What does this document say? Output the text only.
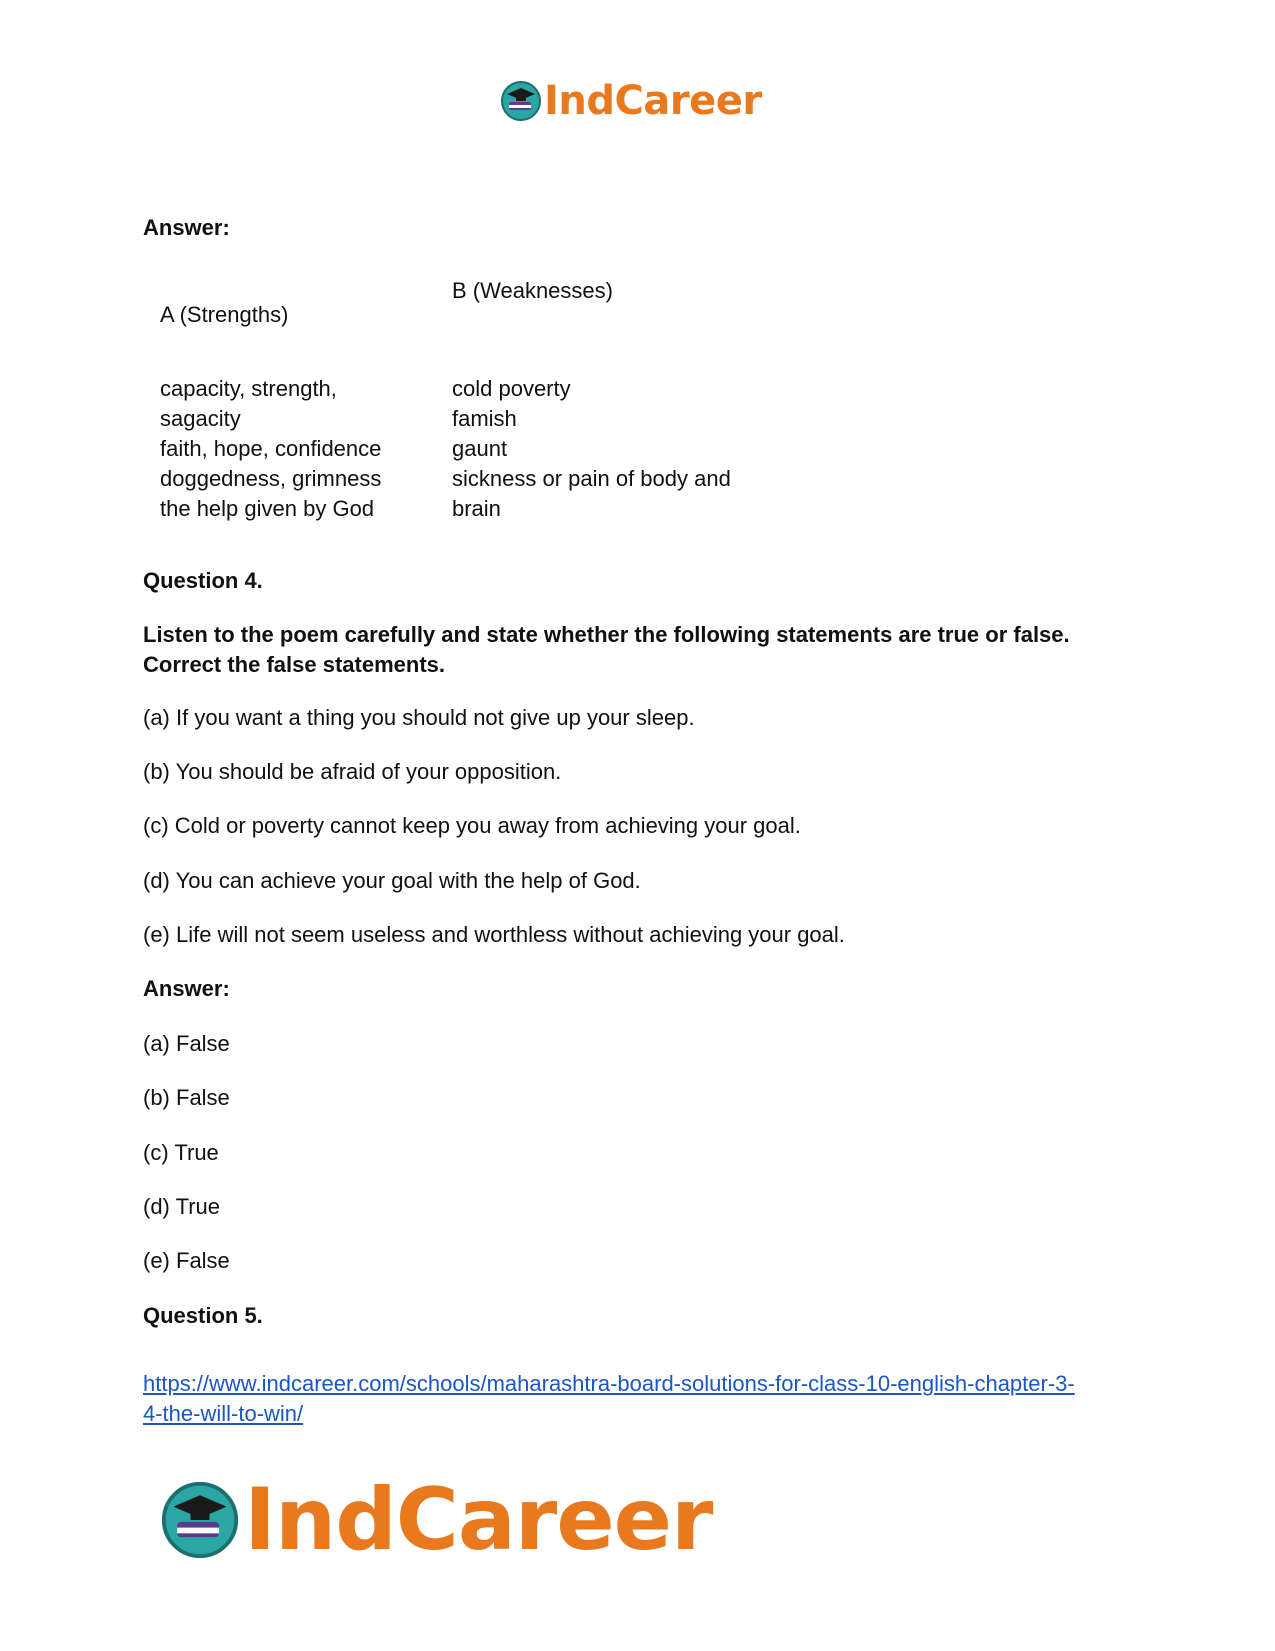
IndCareer
Answer:
B (Weaknesses)
A (Strengths)
capacity, strength,
sagacity
faith, hope, confidence
doggedness, grimness
the help given by God
cold poverty
famish
gaunt
sickness or pain of body and
brain
Question 4.
Listen to the poem carefully and state whether the following statements are true or false.
Correct the false statements.
(a) If you want a thing you should not give up your sleep.
(b) You should be afraid of your opposition.
(c) Cold or poverty cannot keep you away from achieving your goal.
(d) You can achieve your goal with the help of God.
(e) Life will not seem useless and worthless without achieving your goal.
Answer:
(a) False
(b) False
(c) True
(d) True
(e) False
Question 5.
https://www.indcareer.com/schools/maharashtra-board-solutions-for-class-10-english-chapter-3-
4-the-will-to-win/
IndCareer
